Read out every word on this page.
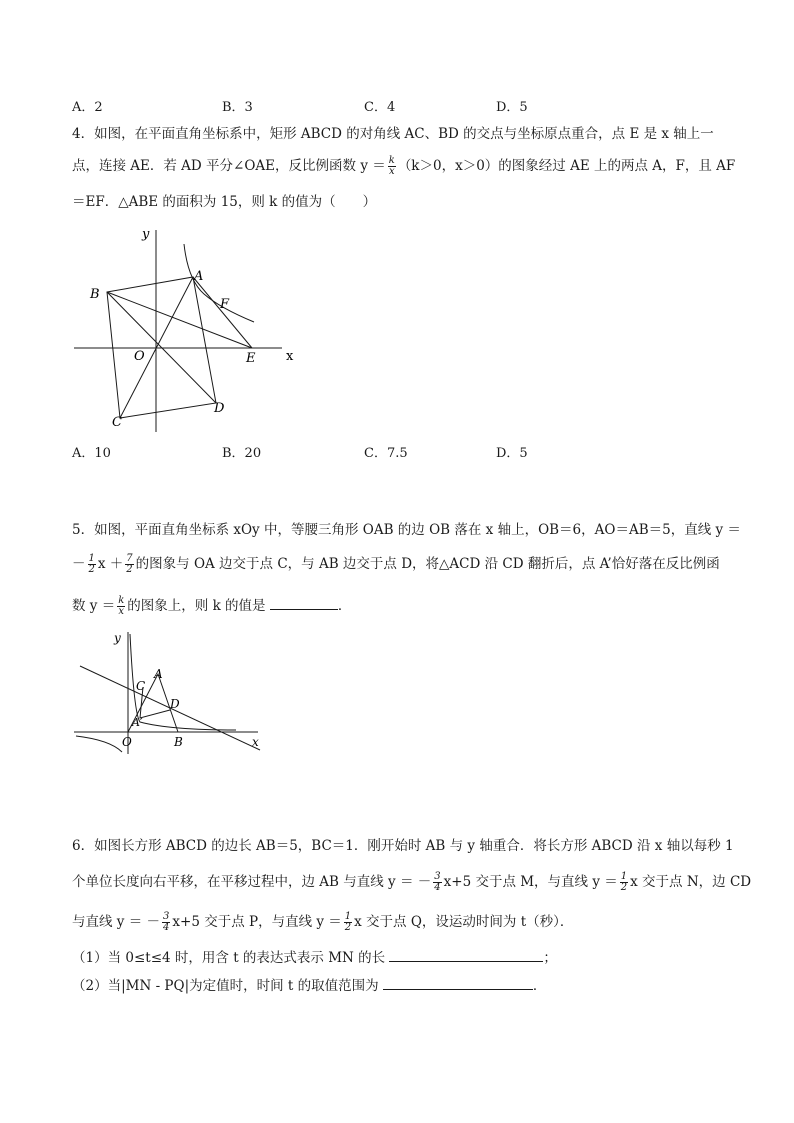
A．2	B．3	C．4	D．5
4．如图，在平面直角坐标系中，矩形 ABCD 的对角线 AC、BD 的交点与坐标原点重合，点 E 是 x 轴上一
点，连接 AE．若 AD 平分∠OAE，反比例函数 $y = \frac{k}{x} (k>0$，x＞0）的图象经过 AE 上的两点 A，F，且 AF
＝EF．△ABE 的面积为 15，则 k 的值为（　　）
y
x
A
B
C
D
E
F
O
A．10	B．20	C．7.5	D．5
5．如图，平面直角坐标系 xOy 中，等腰三角形 OAB 的边 OB 落在 x 轴上，OB＝6，AO＝AB＝5，直线 y ＝
－ $\frac{1}{2}$ $x + \frac{7}{2}$ 的图象与 OA 边交于点 C，与 AB 边交于点 D，将△ACD 沿 CD 翻折后，点 A’恰好落在反比例函
数 $y = \frac{k}{x}$ 的图象上，则 k 的值是	．
y
x
A
A′
B
C
D
O
6．如图长方形 ABCD 的边长 AB＝5，BC＝1．刚开始时 AB 与 y 轴重合．将长方形 ABCD 沿 x 轴以每秒 1
个单位长度向右平移，在平移过程中，边 AB 与直线 y ＝ － $\frac{3}{4} x+5$ 交于点 M，与直线 $y = \frac{1}{2}$ x 交于点 N，边 CD
与直线 y ＝ － $\frac{3}{4} x+5$ 交于点 P，与直线 $y = \frac{1}{2}$ x 交于点 Q，设运动时间为 t（秒）．
（1）当 0≤t≤4 时，用含 t 的表达式表示 MN 的长	；
（2）当|MN - PQ|为定值时，时间 t 的取值范围为	．
